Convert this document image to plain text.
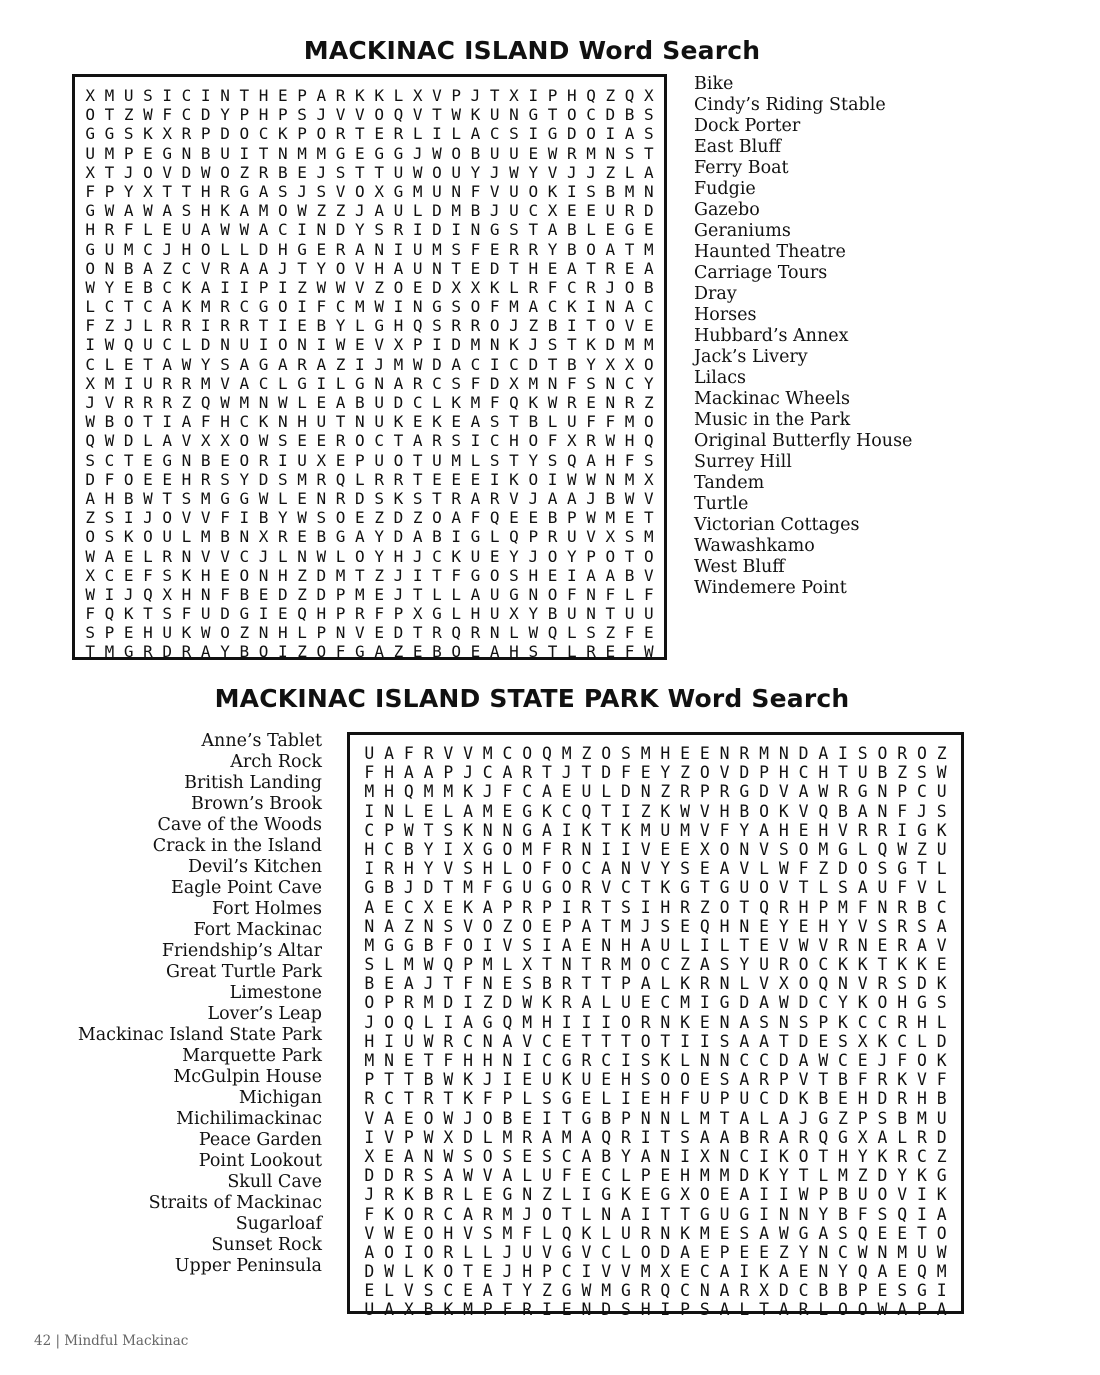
MACKINAC ISLAND Word Search
X M U S I C I N T H E P A R K K L X V P J T X I P H Q Z Q X
O T Z W F C D Y P H P S J V V O Q V T W K U N G T O C D B S
G G S K X R P D O C K P O R T E R L I L A C S I G D O I A S
U M P E G N B U I T N M M G E G G J W O B U U E W R M N S T
X T J O V D W O Z R B E J S T T U W O U Y J W Y V J J Z L A
F P Y X T T H R G A S J S V O X G M U N F V U O K I S B M N
G W A W A S H K A M O W Z Z J A U L D M B J U C X E E U R D
H R F L E U A W W A C I N D Y S R I D I N G S T A B L E G E
G U M C J H O L L D H G E R A N I U M S F E R R Y B O A T M
O N B A Z C V R A A J T Y O V H A U N T E D T H E A T R E A
W Y E B C K A I I P I Z W W V Z O E D X X K L R F C R J O B
L C T C A K M R C G O I F C M W I N G S O F M A C K I N A C
F Z J L R R I R R T I E B Y L G H Q S R R O J Z B I T O V E
I W Q U C L D N U I O N I W E V X P I D M N K J S T K D M M
C L E T A W Y S A G A R A Z I J M W D A C I C D T B Y X X O
X M I U R R M V A C L G I L G N A R C S F D X M N F S N C Y
J V R R R Z Q W M N W L E A B U D C L K M F Q K W R E N R Z
W B O T I A F H C K N H U T N U K E K E A S T B L U F F M O
Q W D L A V X X O W S E E R O C T A R S I C H O F X R W H Q
S C T E G N B E O R I U X E P U O T U M L S T Y S Q A H F S
D F O E E H R S Y D S M R Q L R R T E E E I K O I W W N M X
A H B W T S M G G W L E N R D S K S T R A R V J A A J B W V
Z S I J O V V F I B Y W S O E Z D Z O A F Q E E B P W M E T
O S K O U L M B N X R E B G A Y D A B I G L Q P R U V X S M
W A E L R N V V C J L N W L O Y H J C K U E Y J O Y P O T O
X C E F S K H E O N H Z D M T Z J I T F G O S H E I A A B V
W I J Q X H N F B E D Z D P M E J T L L A U G N O F N F L F
F Q K T S F U D G I E Q H P R F P X G L H U X Y B U N T U U
S P E H U K W O Z N H L P N V E D T R Q R N L W Q L S Z F E
T M G R D R A Y B Q I Z O F G A Z E B O E A H S T L R E F W
Bike
Cindy’s Riding Stable
Dock Porter
East Bluff
Ferry Boat
Fudgie
Gazebo
Geraniums
Haunted Theatre
Carriage Tours
Dray
Horses
Hubbard’s Annex
Jack’s Livery
Lilacs
Mackinac Wheels
Music in the Park
Original Butterfly House
Surrey Hill
Tandem
Turtle
Victorian Cottages
Wawashkamo
West Bluff
Windemere Point
MACKINAC ISLAND STATE PARK Word Search
U A F R V V M C O Q M Z O S M H E E N R M N D A I S O R O Z
F H A A P J C A R T J T D F E Y Z O V D P H C H T U B Z S W
M H Q M M K J F C A E U L D N Z R P R G D V A W R G N P C U
I N L E L A M E G K C Q T I Z K W V H B O K V Q B A N F J S
C P W T S K N N G A I K T K M U M V F Y A H E H V R R I G K
H C B Y I X G O M F R N I I V E E X O N V S O M G L Q W Z U
I R H Y V S H L O F O C A N V Y S E A V L W F Z D O S G T L
G B J D T M F G U G O R V C T K G T G U O V T L S A U F V L
A E C X E K A P R P I R T S I H R Z O T Q R H P M F N R B C
N A Z N S V O Z O E P A T M J S E Q H N E Y E H Y V S R S A
M G G B F O I V S I A E N H A U L I L T E V W V R N E R A V
S L M W Q P M L X T N T R M O C Z A S Y U R O C K K T K K E
B E A J T F N E S B R T T P A L K R N L V X O Q N V R S D K
O P R M D I Z D W K R A L U E C M I G D A W D C Y K O H G S
J O Q L I A G Q M H I I I O R N K E N A S N S P K C C R H L
H I U W R C N A V C E T T T O T I I S A A T D E S X K C L D
M N E T F H H N I C G R C I S K L N N C C D A W C E J F O K
P T T B W K J I E U K U E H S O O E S A R P V T B F R K V F
R C T R T K F P L S G E L I E H F U P U C D K B E H D R H B
V A E O W J O B E I T G B P N N L M T A L A J G Z P S B M U
I V P W X D L M R A M A Q R I T S A A B R A R Q G X A L R D
X E A N W S O S E S C A B Y A N I X N C I K O T H Y K R C Z
D D R S A W V A L U F E C L P E H M M D K Y T L M Z D Y K G
J R K B R L E G N Z L I G K E G X O E A I I W P B U O V I K
F K O R C A R M J O T L N A I T T G U G I N N Y B F S Q I A
V W E O H V S M F L Q K L U R N K M E S A W G A S Q E E T O
A O I O R L L J U V G V C L O D A E P E E Z Y N C W N M U W
D W L K O T E J H P C I V V M X E C A I K A E N Y Q A E Q M
E L V S C E A T Y Z G W M G R Q C N A R X D C B B P E S G I
U A X B K M P F R I E N D S H I P S A L T A R L O O W A P A
Anne’s Tablet
Arch Rock
British Landing
Brown’s Brook
Cave of the Woods
Crack in the Island
Devil’s Kitchen
Eagle Point Cave
Fort Holmes
Fort Mackinac
Friendship’s Altar
Great Turtle Park
Limestone
Lover’s Leap
Mackinac Island State Park
Marquette Park
McGulpin House
Michigan
Michilimackinac
Peace Garden
Point Lookout
Skull Cave
Straits of Mackinac
Sugarloaf
Sunset Rock
Upper Peninsula
42 | Mindful Mackinac
